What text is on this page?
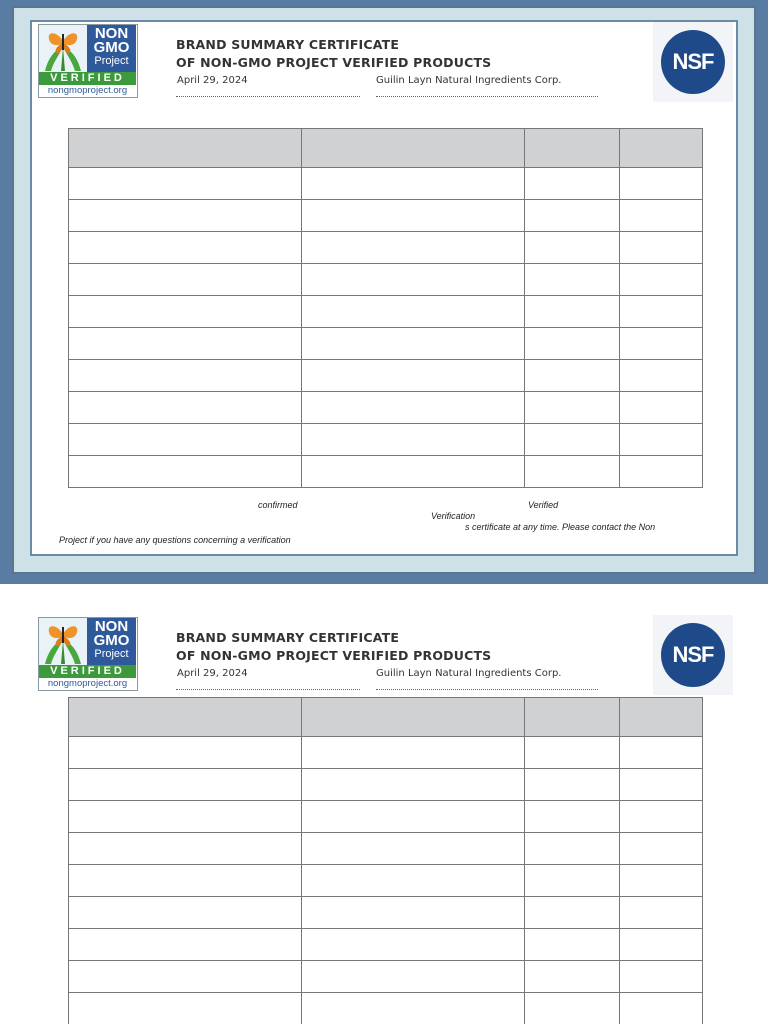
NON
GMO
Project
VERIFIED
nongmoproject.org
BRAND SUMMARY CERTIFICATE
OF NON-GMO PROJECT VERIFIED PRODUCTS
April 29, 2024	Guilin Layn Natural Ingredients Corp.
NSF

confirmed	Verified
Verification
s certificate at any time. Please contact the Non
Project if you have any questions concerning a verification
NON
GMO
Project
VERIFIED
nongmoproject.org
BRAND SUMMARY CERTIFICATE
OF NON-GMO PROJECT VERIFIED PRODUCTS
April 29, 2024	Guilin Layn Natural Ingredients Corp.
NSF
